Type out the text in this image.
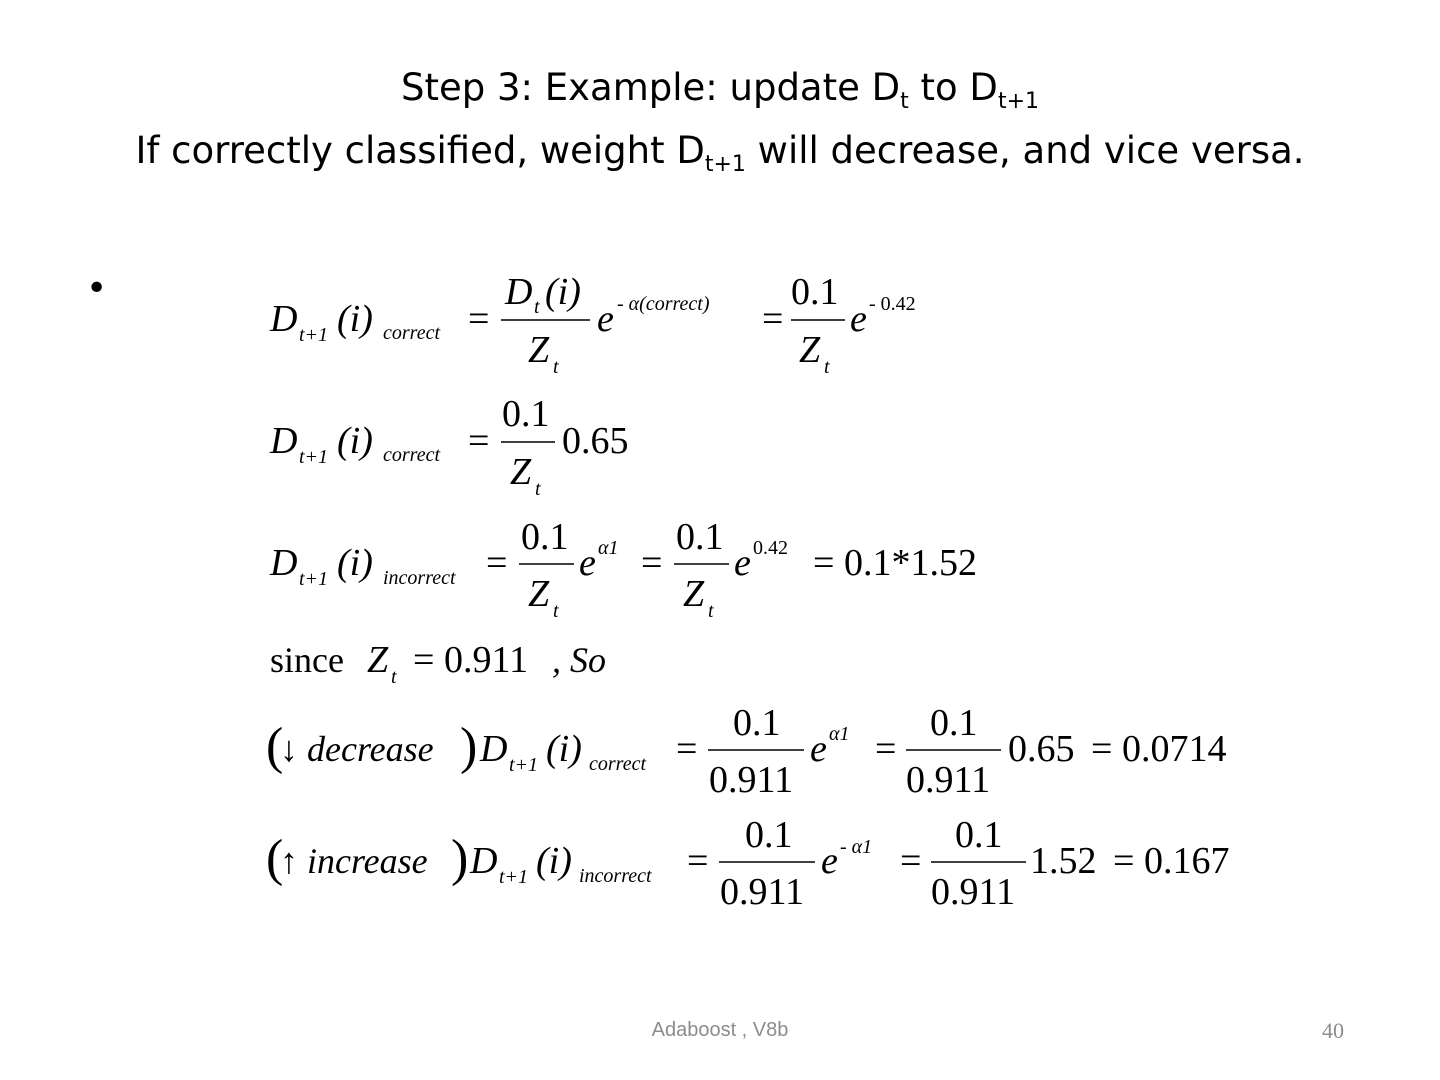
Step 3: Example: update $D_t$ to $D_{t+1}$
If correctly classified, weight $D_{t+1}$ will decrease, and vice versa.
•
D t+1 (i) correct =
D t (i)
Z t
e - α(correct) =
0.1
Z t
e - 0.42
D t+1 (i) correct =
0.1
Z t
0.65
D t+1 (i) incorrect =
0.1
Z t
e α1 =
0.1
Z t
e 0.42 = 0.1*1.52
since Z t = 0.911 , So
(
↓ decrease ) D t+1 (i) correct =
0.1
0.911
e α1 =
0.1
0.911
0.65 = 0.0714
(
↑ increase ) D t+1 (i) incorrect =
0.1
0.911
e - α1 =
0.1
0.911
1.52 = 0.167
Adaboost , V8b	40
